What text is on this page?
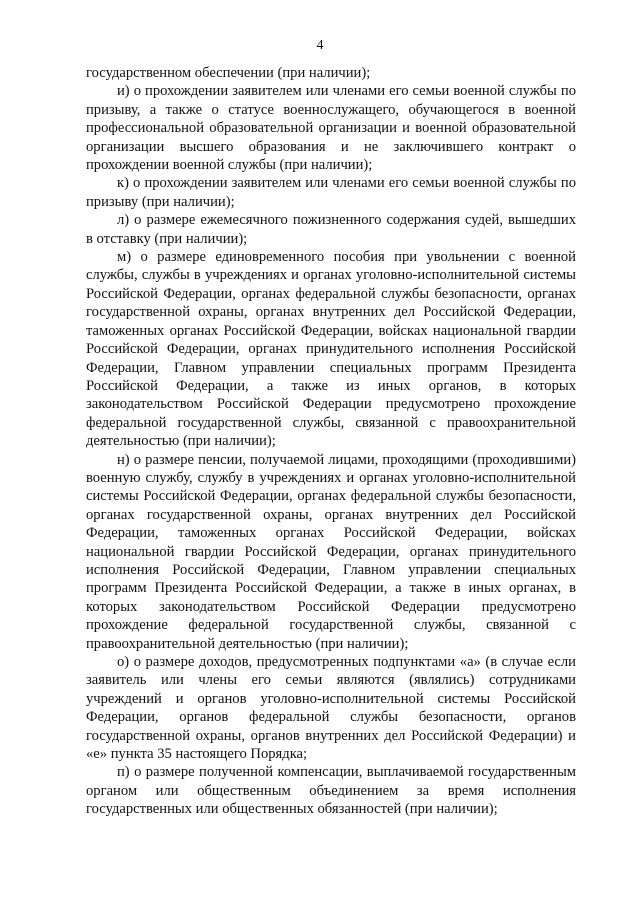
4

государственном обеспечении (при наличии);

и) о прохождении заявителем или членами его семьи военной службы по призыву, а также о статусе военнослужащего, обучающегося в военной профессиональной образовательной организации и военной образовательной организации высшего образования и не заключившего контракт о прохождении военной службы (при наличии);

к) о прохождении заявителем или членами его семьи военной службы по призыву (при наличии);

л) о размере ежемесячного пожизненного содержания судей, вышедших в отставку (при наличии);

м) о размере единовременного пособия при увольнении с военной службы, службы в учреждениях и органах уголовно-исполнительной системы Российской Федерации, органах федеральной службы безопасности, органах государственной охраны, органах внутренних дел Российской Федерации, таможенных органах Российской Федерации, войсках национальной гвардии Российской Федерации, органах принудительного исполнения Российской Федерации, Главном управлении специальных программ Президента Российской Федерации, а также из иных органов, в которых законодательством Российской Федерации предусмотрено прохождение федеральной государственной службы, связанной с правоохранительной деятельностью (при наличии);

н) о размере пенсии, получаемой лицами, проходящими (проходившими) военную службу, службу в учреждениях и органах уголовно-исполнительной системы Российской Федерации, органах федеральной службы безопасности, органах государственной охраны, органах внутренних дел Российской Федерации, таможенных органах Российской Федерации, войсках национальной гвардии Российской Федерации, органах принудительного исполнения Российской Федерации, Главном управлении специальных программ Президента Российской Федерации, а также в иных органах, в которых законодательством Российской Федерации предусмотрено прохождение федеральной государственной службы, связанной с правоохранительной деятельностью (при наличии);

о) о размере доходов, предусмотренных подпунктами «а» (в случае если заявитель или члены его семьи являются (являлись) сотрудниками учреждений и органов уголовно-исполнительной системы Российской Федерации, органов федеральной службы безопасности, органов государственной охраны, органов внутренних дел Российской Федерации) и «е» пункта 35 настоящего Порядка;

п) о размере полученной компенсации, выплачиваемой государственным органом или общественным объединением за время исполнения государственных или общественных обязанностей (при наличии);
